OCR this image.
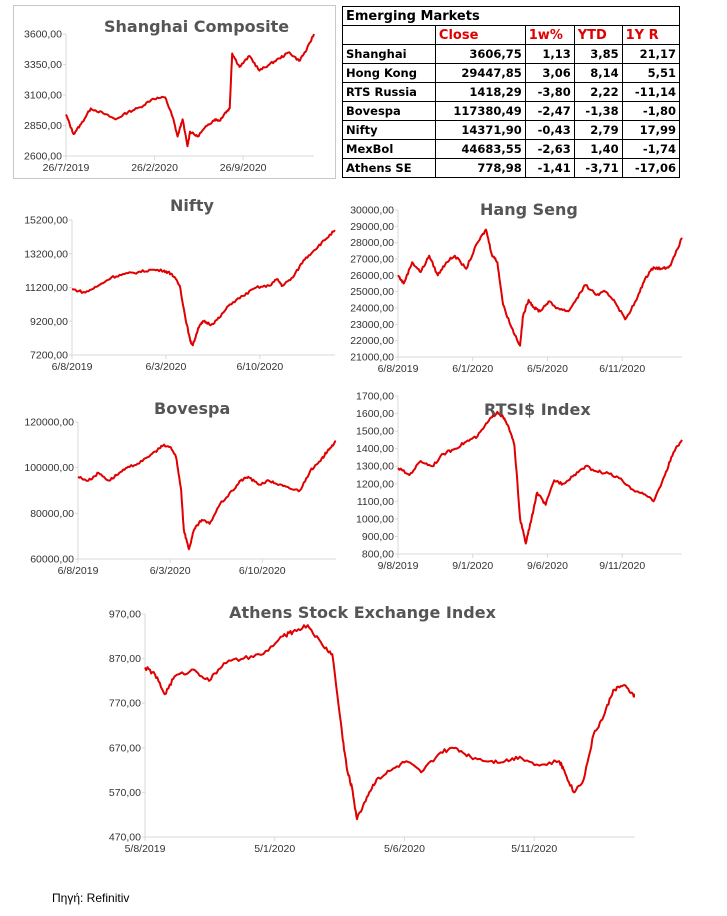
3600,00
3350,00
3100,00
2850,00
2600,00
26/7/2019	26/2/2020	26/9/2020
Shanghai Composite
Emerging Markets				
	Close	1w%	YTD	1Y R
Shanghai	3606,75	1,13	3,85	21,17
Hong Kong	29447,85	3,06	8,14	5,51
RTS Russia	1418,29	-3,80	2,22	-11,14
Bovespa	117380,49	-2,47	-1,38	-1,80
Nifty	14371,90	-0,43	2,79	17,99
MexBol	44683,55	-2,63	1,40	-1,74
Athens SE	778,98	-1,41	-3,71	-17,06
15200,00
13200,00
11200,00
9200,00
7200,00
6/8/2019	6/3/2020	6/10/2020
Nifty	30000,00
29000,00
28000,00
27000,00
26000,00
25000,00
24000,00
23000,00
22000,00
21000,00
6/8/2019	6/1/2020	6/5/2020	6/11/2020
Hang Seng
120000,00
100000,00
80000,00
60000,00
6/8/2019	6/3/2020	6/10/2020
Bovespa
1700,00
1600,00
1500,00
1400,00
1300,00
1200,00
1100,00
1000,00
900,00
800,00
9/8/2019	9/1/2020	9/6/2020	9/11/2020
RTSI$ Index
970,00
870,00
770,00
670,00
570,00
470,00
5/8/2019	5/1/2020	5/6/2020	5/11/2020
Athens Stock Exchange Index
Πηγή: Refinitiv
